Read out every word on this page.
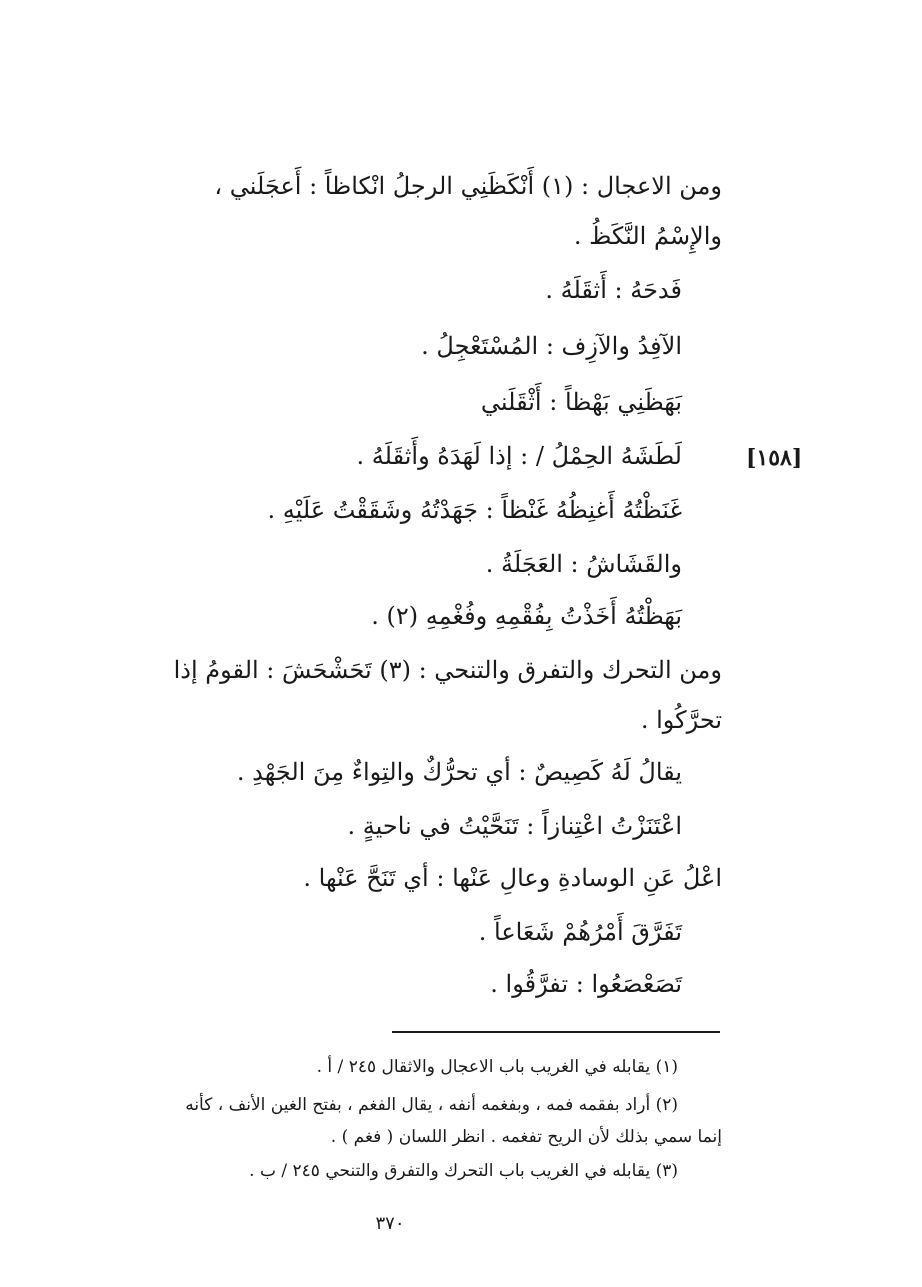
ومن الاعجال : (١) أَنْكَظَنِي الرجلُ انْكاظاً : أَعجَلَني ،
والإِسْمُ النَّكَظُ .
فَدحَهُ : أَثقَلَهُ .
الآفِدُ والآزِف : المُسْتَعْجِلُ .
بَهَظَنِي بَهْظاً : أَثْقَلَني
لَطَشَهُ الحِمْلُ / : إذا لَهَدَهُ وأَثقَلَهُ .	[١٥٨]
غَنَظْتُهُ أَغنِظُهُ غَنْظاً : جَهَدْتُهُ وشَقَقْتُ عَلَيْهِ .
والقَشَاشُ : العَجَلَةُ .
بَهَظْتُهُ أَخَذْتُ بِفُقْمِهِ وفُغْمِهِ (٢) .
ومن التحرك والتفرق والتنحي : (٣) تَحَشْحَشَ : القومُ إذا
تحرَّكُوا .
يقالُ لَهُ كَصِيصٌ : أي تحرُّكٌ والتِواءٌ مِنَ الجَهْدِ .
اعْتَنَزْتُ اعْتِنازاً : تَنَحَّيْتُ في ناحيةٍ .
اعْلُ عَنِ الوسادةِ وعالِ عَنْها : أي تَنَحَّ عَنْها .
تَفَرَّقَ أَمْرُهُمْ شَعَاعاً .
تَصَعْصَعُوا : تفرَّقُوا .
(١) يقابله في الغريب باب الاعجال والاثقال ٢٤٥ / أ .
(٢) أراد بفقمه فمه ، وبفغمه أنفه ، يقال الفغم ، بفتح الغين الأنف ، كأنه
إنما سمي بذلك لأن الريح تفغمه . انظر اللسان ( فغم ) .
(٣) يقابله في الغريب باب التحرك والتفرق والتنحي ٢٤٥ / ب .
٣٧٠
